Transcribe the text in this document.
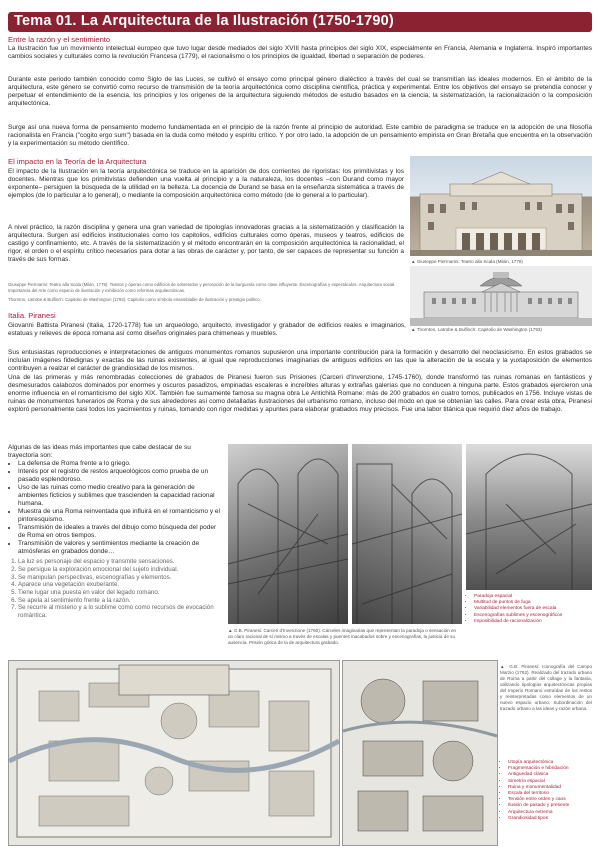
Tema 01. La Arquitectura de la Ilustración (1750-1790)
Entre la razón y el sentimiento

La Ilustración fue un movimiento intelectual europeo que tuvo lugar desde mediados del siglo XVIII hasta principios del siglo XIX, especialmente en Francia, Alemania e Inglaterra. Inspiró importantes cambios sociales y culturales como la revolución Francesa (1779), el racionalismo o los principios de igualdad, libertad o separación de poderes.

Durante este periodo también conocido como Siglo de las Luces, se cultivó el ensayo como principal género dialéctico a través del cual se transmitían las ideales modernos. En el ámbito de la arquitectura, este género se convirtió como recurso de transmisión de la teoría arquitectónica como disciplina científica, práctica y experimental. Entre los objetivos del ensayo se pretendía conocer y perpetuar el entendimiento de la esencia, los principios y los orígenes de la arquitectura siguiendo métodos de estudio basados en la ciencia, la sistematización, la racionalización o la composición arquitectónica.

Surge así una nueva forma de pensamiento moderno fundamentada en el principio de la razón frente al principio de autoridad. Este cambio de paradigma se traduce en la adopción de una filosofía racionalista en Francia ("cogito ergo sum") basada en la duda como método y espíritu crítico. Y por otro lado, la adopción de un pensamiento empirista en Gran Bretaña que encuentra en la observación y la experimentación su método científico.

El impacto en la Teoría de la Arquitectura

El impacto de la Ilustración en la teoría arquitectónica se traduce en la aparición de dos corrientes de rigoristas: los primitivistas y los docentes. Mientras que los primitivistas defienden una vuelta al principio y a la naturaleza, los docentes –con Durand como mayor exponente– persiguen la búsqueda de la utilidad en la belleza. La docencia de Durand se basa en la enseñanza sistemática a través de ejemplos (de lo particular a lo general), o mediante la composición arquitectónica como método (de lo general a lo particular).

A nivel práctico, la razón disciplina y genera una gran variedad de tipologías innovadoras gracias a la sistematización y clasificación la arquitectura. Surgen así edificios institucionales como los capitolios, edificios culturales como óperas, museos y teatros, edificios de castigo y confinamiento, etc. A través de la sistematización y el método encontrarán en la composición arquitectónica la racionalidad, el rigor, el orden o el espíritu crítico necesarios para dotar a las obras de carácter y, por tanto, de ser capaces de representar su función a través de sus formas.	▲ Giuseppe Piermarini: Teatro alla Scala (Milán, 1778)
▲ Thornton, Latrobe & Bulfinch: Capitolio de Washington (1793)

Giuseppe Piermarini: Teatro alla Scala (Milán, 1778). Teatros y óperas como edificios de sobretodos y percepción de la burguesía como clase influyente. Escenografías y espectáculos. Arquitectura social. Importancia del Arte como espacio de ilustración y exhibición como reformas arquitectónicas.

Thornton, Latrobe & Bulfinch: Capitolio de Washington (1793). Capitolio como símbolo ensamblable de ilustración y prestigio político.

Italia. Piranesi

Giovanni Battista Piranesi (Italia, 1720-1778) fue un arqueólogo, arquitecto, investigador y grabador de edificios reales e imaginarios, estatuas y relieves de época romana así como diseños originales para chimeneas y muebles.

Sus entusiastas reproducciones e interpretaciones de antiguos monumentos romanos supusieron una importante contribución para la formación y desarrollo del neoclasicismo. En estos grabados se incluían imágenes fidedignas y exactas de las ruinas existentes, al igual que reproducciones imaginarias de antiguos edificios en las que la alteración de la escala y la yuxtaposición de elementos contribuyen a realzar el carácter de grandiosidad de los mismos.

Una de las primeras y más renombradas colecciones de grabados de Piranesi fueron sus Prisiones (Carceri d'Invenzione, 1745-1760), donde transformó las ruinas romanas en fantásticos y desmesurados calabozos dominados por enormes y oscuros pasadizos, empinadas escaleras e increíbles alturas y extrañas galerías que no conducen a ninguna parte. Estos grabados ejercieron una enorme influencia en el romanticismo del siglo XIX. También fue sumamente famosa su magna obra Le Antichità Romane: más de 200 grabados en cuatro tomos, publicados en 1756. Incluye vistas de ruinas de monumentos funerarios de Roma y de sus alrededores así como detalladas ilustraciones del urbanismo romano, incluso del modo en que se obtenían las calles. Para crear esta obra, Piranesi exploró personalmente casi todos los yacimientos y ruinas, tomando con rigor medidas y apuntes para elaborar grabados muy precisos. Fue una labor titánica que requirió diez años de trabajo.

Algunas de las ideas más importantes que cabe destacar de su trayectoria son:

• La defensa de Roma frente a lo griego.
• Interés por el registro de restos arqueológicos como prueba de un pasado esplendoroso.
• Uso de las ruinas como medio creativo para la generación de ambientes ficticios y sublimes que trascienden la capacidad racional humana.
• Muestra de una Roma reinventada que influirá en el romanticismo y el pintoresquismo.
• Transmisión de ideales a través del dibujo como búsqueda del poder de Roma en otros tiempos.
• Transmisión de valores y sentimientos mediante la creación de atmósferas en grabados donde…
1. La luz es personaje del espacio y transmite sensaciones.
2. Se persigue la exploración emocional del sujeto individual.
3. Se manipulan perspectivas, escenografías y elementos.
4. Aparece una vegetación exuberante.
5. Tiene lugar una puesta en valor del legado romano.
6. Se apela al sentimiento frente a la razón.
7. Se recurre al misterio y a lo sublime como como recursos de evocación romántica.
▲ G.B. Piranesi: Carceri d'Invenzione (1760). Cárceles imaginarias que representan la paradoja o sensación en un claro racional de sí mismo a través de escalas y puentes inacabados sobre y escenografías, la justicia de su ausencia. Prisión gótica de la de arquitectura grabado.
• Paradoja espacial
• Multitud de puntos de fuga
• Variabilidad elementos fuera de escala
• Escenografías sublimes y escenográficos
• Imposibilidad de racionalización
▲ G.B. Piranesi: Iconografía del Campo Marzio (1762). Realizado del trazado urbano de Roma a partir del collage y la fantasía, utilizando tipologías arquitectónicas propias del Imperio Romano extraídas de los restos y reinterpretadas como elementos de un nuevo espacio urbano. Subordinación del trazado urbano a las ideas y razón urbana.
• Utopía arquitectónica
• Fragmentación e hibridación
• Antiguedad clásica
• Simetría espacial
• Ruina y monumentalidad
• Escala del territorio
• Tensión entre orden y caos
• Ilusión de pasado y presente
• Arquitectura extrema
• Grandiosidad tipos
